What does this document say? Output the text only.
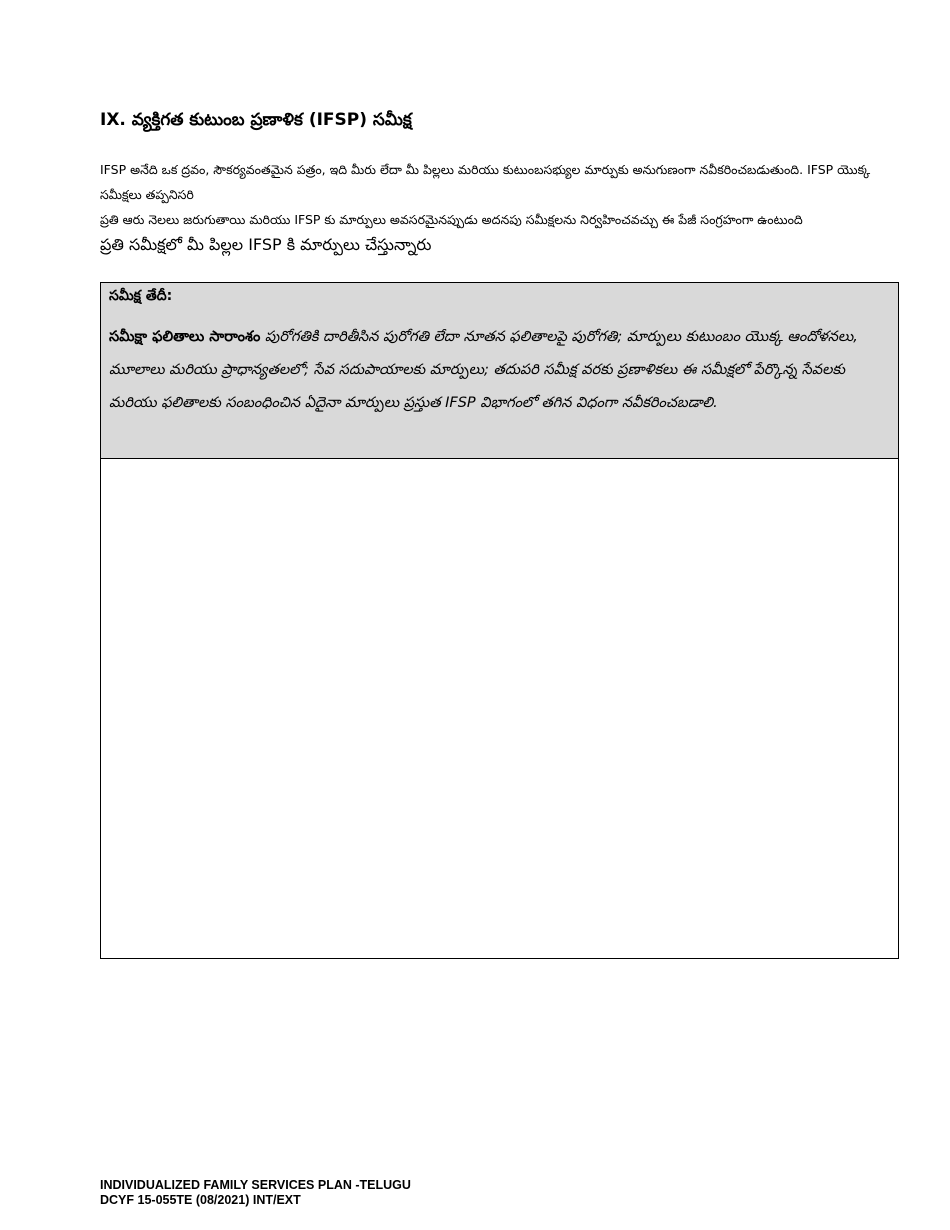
IX. వ్యక్తిగత కుటుంబ ప్రణాళిక (IFSP) సమీక్ష
IFSP అనేది ఒక ద్రవం, సౌకర్యవంతమైన పత్రం, ఇది మీరు లేదా మీ పిల్లలు మరియు కుటుంబసభ్యుల మార్పుకు అనుగుణంగా నవీకరించబడుతుంది. IFSP యొక్క సమీక్షలు తప్పనిసరి
ప్రతి ఆరు నెలలు జరుగుతాయి మరియు IFSP కు మార్పులు అవసరమైనప్పుడు అదనపు సమీక్షలను నిర్వహించవచ్చు ఈ పేజీ సంగ్రహంగా ఉంటుంది
ప్రతి సమీక్షలో మీ పిల్లల IFSP కి మార్పులు చేస్తున్నారు
సమీక్ష తేదీ:
సమీక్షా ఫలితాలు సారాంశం పురోగతికి దారితీసిన పురోగతి లేదా నూతన ఫలితాలపై పురోగతి; మార్పులు కుటుంబం యొక్క ఆందోళనలు, మూలాలు మరియు ప్రాధాన్యతలలో; సేవ సదుపాయాలకు మార్పులు; తదుపరి సమీక్ష వరకు ప్రణాళికలు ఈ సమీక్షలో పేర్కొన్న సేవలకు మరియు ఫలితాలకు సంబంధించిన ఏదైనా మార్పులు ప్రస్తుత IFSP విభాగంలో తగిన విధంగా నవీకరించబడాలి.
INDIVIDUALIZED FAMILY SERVICES PLAN -TELUGU
DCYF 15-055TE (08/2021) INT/EXT
